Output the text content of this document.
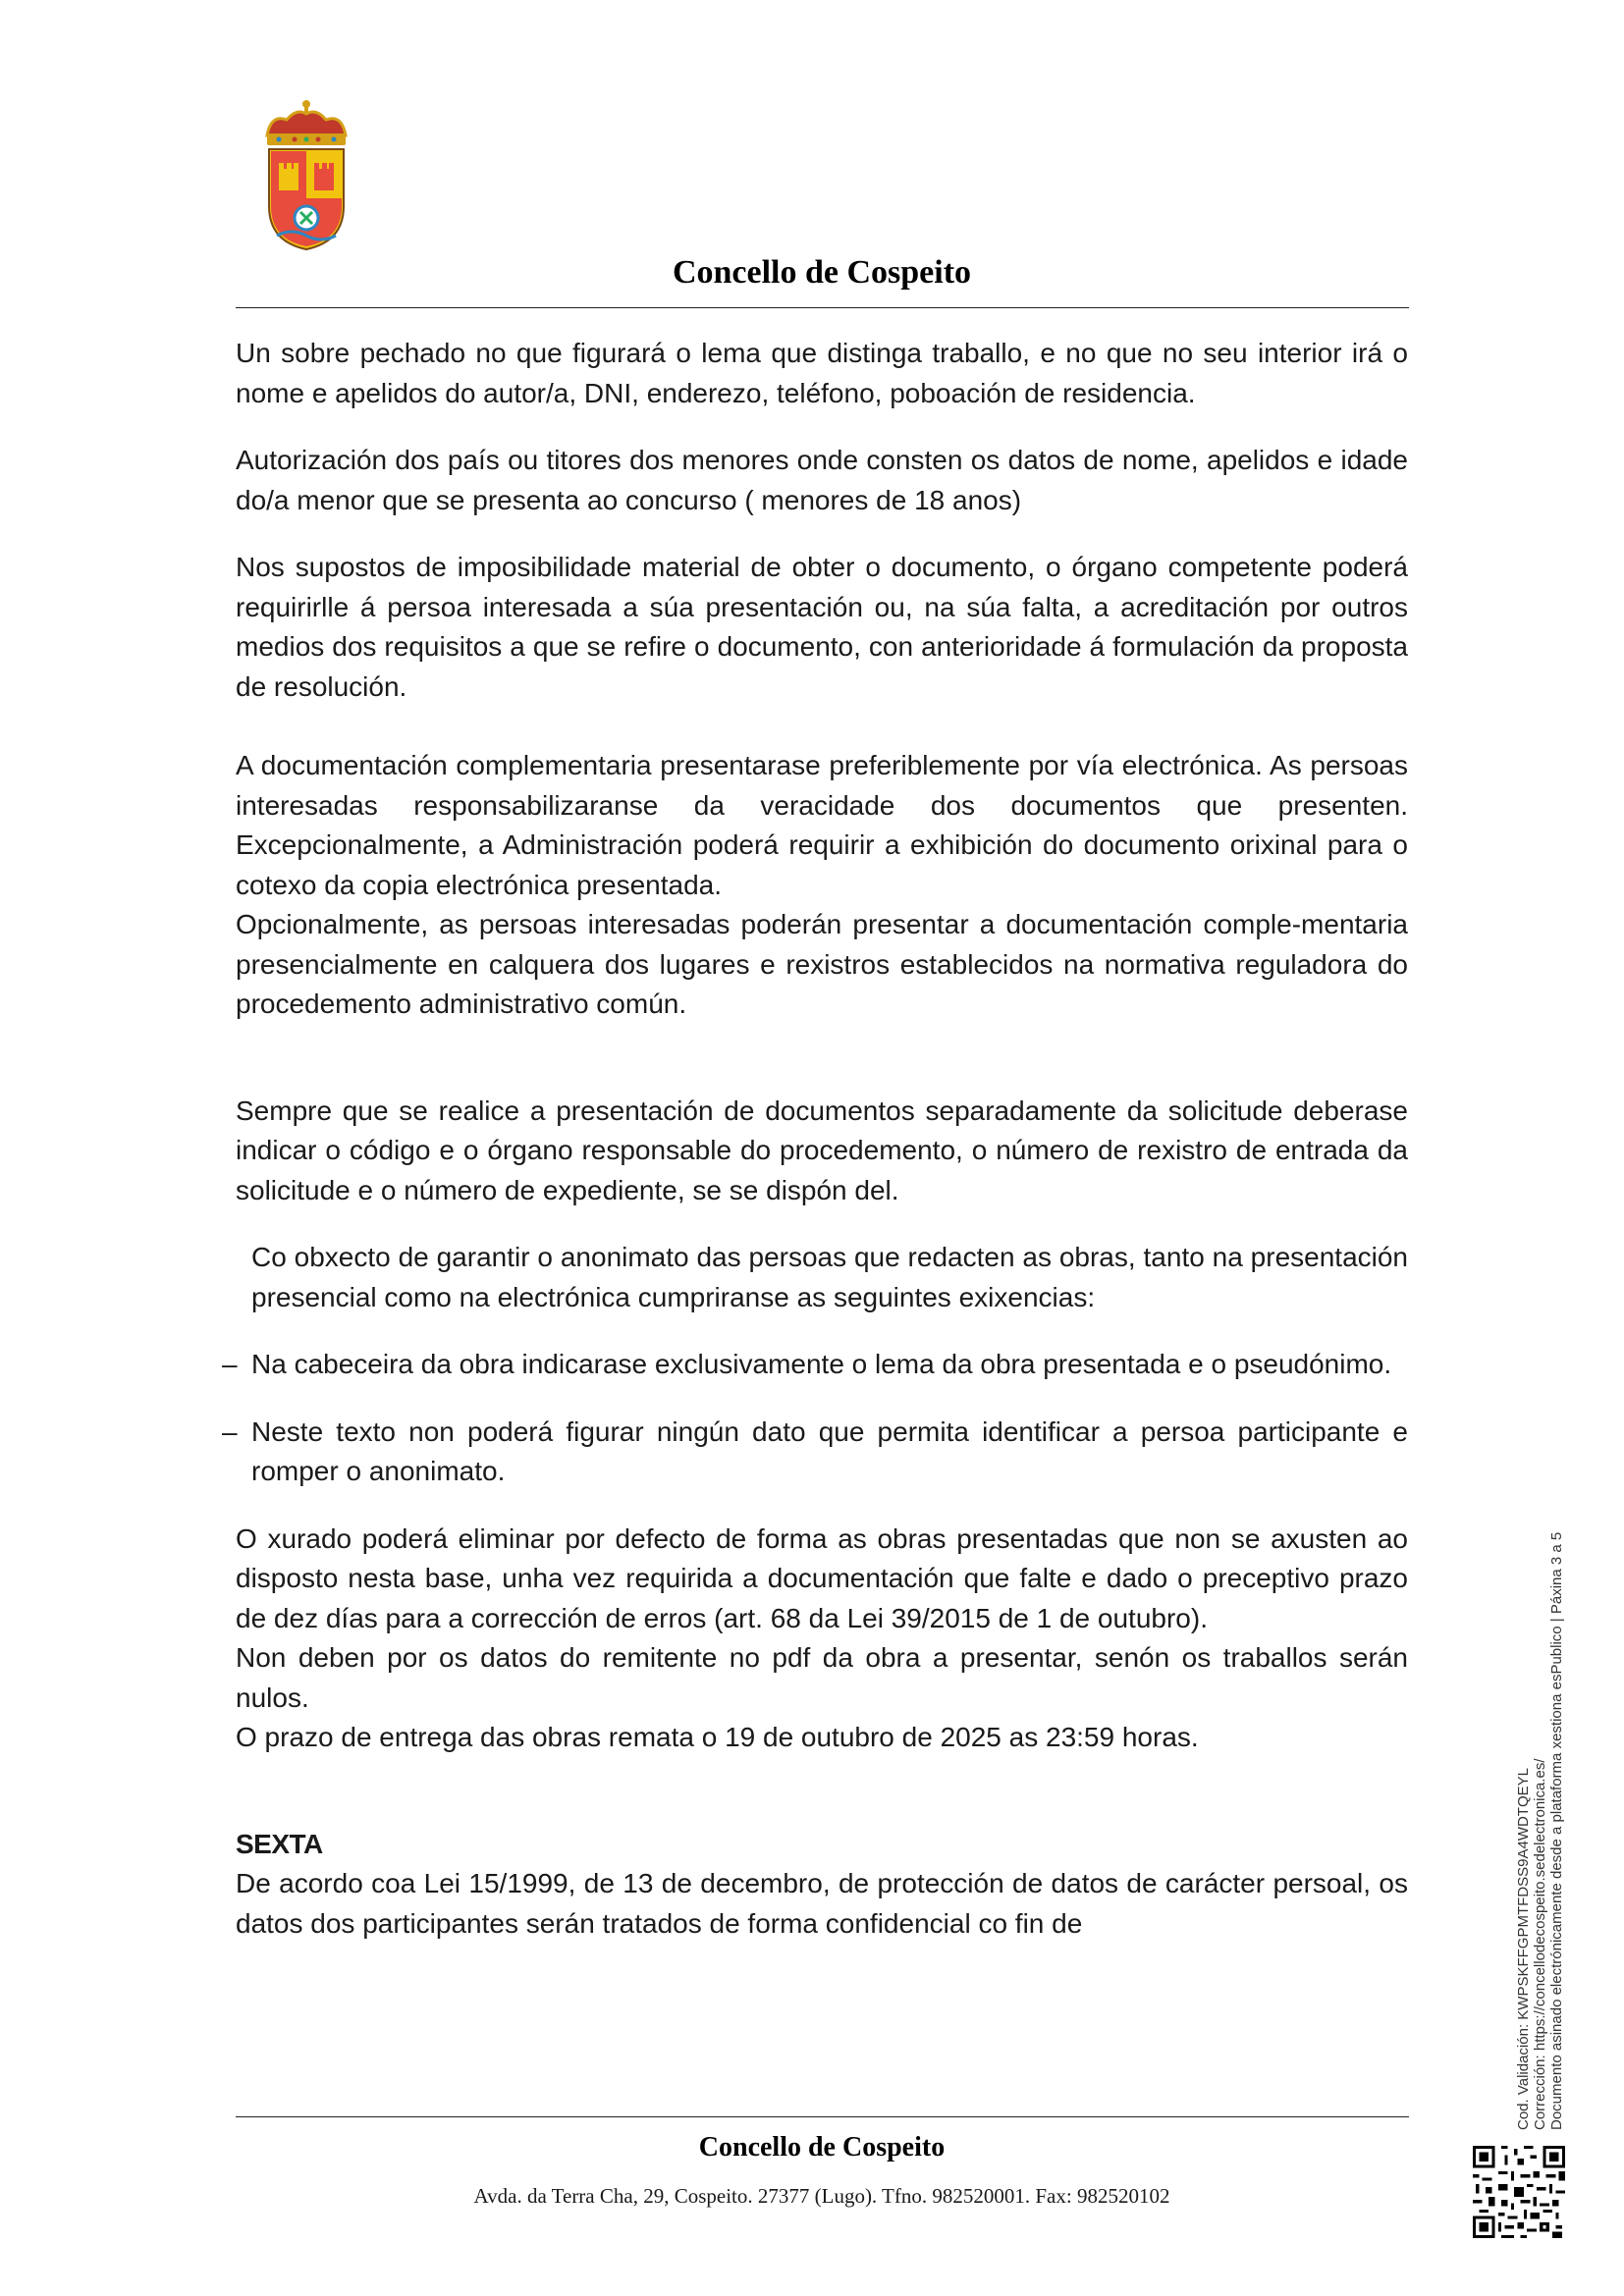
Concello de Cospeito

Un sobre pechado no que figurará o lema que distinga traballo, e no que no seu interior irá o nome e apelidos do autor/a, DNI, enderezo, teléfono, poboación de residencia.

Autorización dos país ou titores dos menores onde consten os datos de nome, apelidos e idade do/a menor que se presenta ao concurso ( menores de 18 anos)

Nos supostos de imposibilidade material de obter o documento, o órgano competente poderá requirirlle á persoa interesada a súa presentación ou, na súa falta, a acreditación por outros medios dos requisitos a que se refire o documento, con anterioridade á formulación da proposta de resolución.

A documentación complementaria presentarase preferiblemente por vía electrónica. As persoas interesadas responsabilizaranse da veracidade dos documentos que presenten. Excepcionalmente, a Administración poderá requirir a exhibición do documento orixinal para o cotexo da copia electrónica presentada.

Opcionalmente, as persoas interesadas poderán presentar a documentación comple-mentaria presencialmente en calquera dos lugares e rexistros establecidos na normativa reguladora do procedemento administrativo común.

Sempre que se realice a presentación de documentos separadamente da solicitude deberase indicar o código e o órgano responsable do procedemento, o número de rexistro de entrada da solicitude e o número de expediente, se se dispón del.

Co obxecto de garantir o anonimato das persoas que redacten as obras, tanto na presentación presencial como na electrónica cumpriranse as seguintes exixencias:

– Na cabeceira da obra indicarase exclusivamente o lema da obra presentada e o pseudónimo.

– Neste texto non poderá figurar ningún dato que permita identificar a persoa participante e romper o anonimato.

O xurado poderá eliminar por defecto de forma as obras presentadas que non se axusten ao disposto nesta base, unha vez requirida a documentación que falte e dado o preceptivo prazo de dez días para a corrección de erros (art. 68 da Lei 39/2015 de 1 de outubro).

Non deben por os datos do remitente no pdf da obra a presentar, senón os traballos serán nulos.

O prazo de entrega das obras remata o 19 de outubro de 2025 as 23:59 horas.

SEXTA

De acordo coa Lei 15/1999, de 13 de decembro, de protección de datos de carácter persoal, os datos dos participantes serán tratados de forma confidencial co fin de

Concello de Cospeito
Avda. da Terra Cha, 29, Cospeito. 27377 (Lugo). Tfno. 982520001. Fax: 982520102
Cod. Validación: KWPSKFFGPMTFDSS9A4WDTQEYL Corrección: https://concellodecospeito.sedelectronica.es/ Documento asinado electrónicamente desde a plataforma xestiona esPublico | Páxina 3 a 5
